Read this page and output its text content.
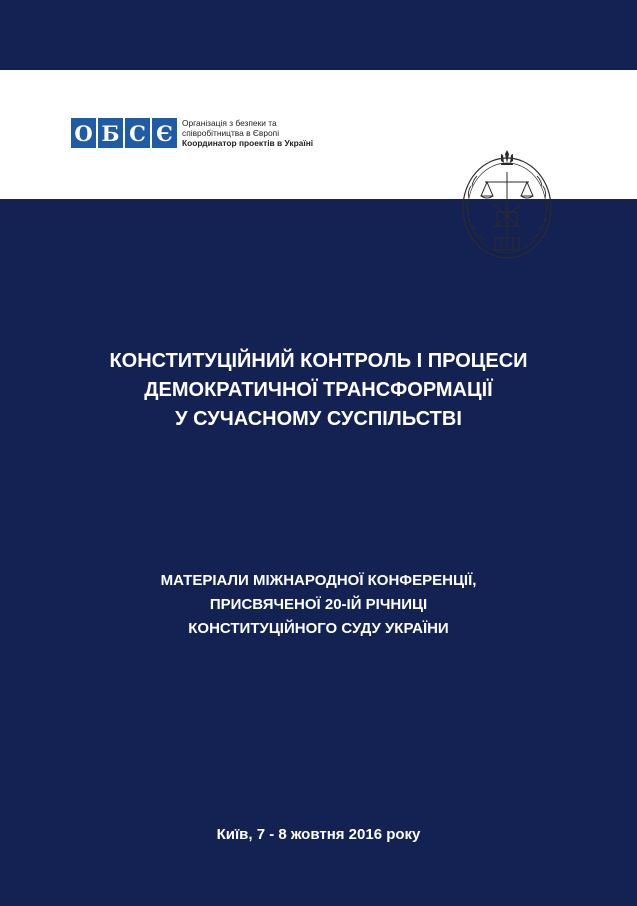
О Б С Є	Організація з безпеки та
співробітництва в Європі
Координатор проектів в Україні
КОНСТИТУЦІЙНИЙ КОНТРОЛЬ І ПРОЦЕСИ
ДЕМОКРАТИЧНОЇ ТРАНСФОРМАЦІЇ
У СУЧАСНОМУ СУСПІЛЬСТВІ
МАТЕРІАЛИ МІЖНАРОДНОЇ КОНФЕРЕНЦІЇ,
ПРИСВЯЧЕНОЇ 20-ІЙ РІЧНИЦІ
КОНСТИТУЦІЙНОГО СУДУ УКРАЇНИ
Київ, 7 - 8 жовтня 2016 року
